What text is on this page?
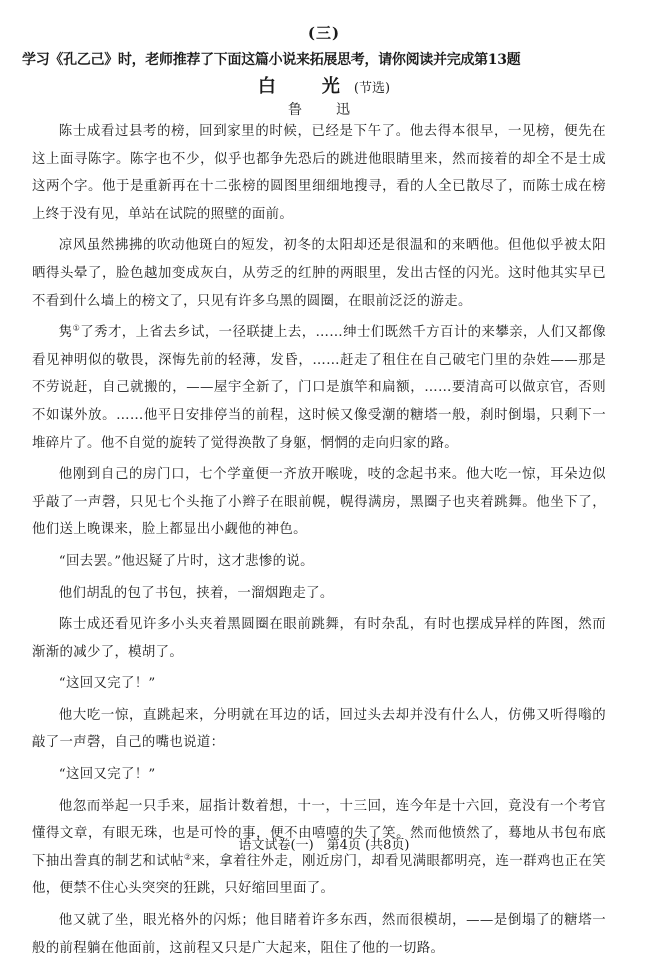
(三)
学习《孔乙己》时，老师推荐了下面这篇小说来拓展思考，请你阅读并完成第13题
白　光(节选)
鲁　迅

陈士成看过县考的榜，回到家里的时候，已经是下午了。他去得本很早，一见榜，便先在这上面寻陈字。陈字也不少，似乎也都争先恐后的跳进他眼睛里来，然而接着的却全不是士成这两个字。他于是重新再在十二张榜的圆图里细细地搜寻，看的人全已散尽了，而陈士成在榜上终于没有见，单站在试院的照壁的面前。

凉风虽然拂拂的吹动他斑白的短发，初冬的太阳却还是很温和的来晒他。但他似乎被太阳晒得头晕了，脸色越加变成灰白，从劳乏的红肿的两眼里，发出古怪的闪光。这时他其实早已不看到什么墙上的榜文了，只见有许多乌黑的圆圈，在眼前泛泛的游走。

隽①了秀才，上省去乡试，一径联捷上去，……绅士们既然千方百计的来攀亲，人们又都像看见神明似的敬畏，深悔先前的轻薄，发昏，……赶走了租住在自己破宅门里的杂姓——那是不劳说赶，自己就搬的，——屋宇全新了，门口是旗竿和扁额，……要清高可以做京官，否则不如谋外放。……他平日安排停当的前程，这时候又像受潮的糖塔一般，刹时倒塌，只剩下一堆碎片了。他不自觉的旋转了觉得涣散了身躯，惘惘的走向归家的路。

他刚到自己的房门口，七个学童便一齐放开喉咙，吱的念起书来。他大吃一惊，耳朵边似乎敲了一声磬，只见七个头拖了小辫子在眼前幌，幌得满房，黑圈子也夹着跳舞。他坐下了，他们送上晚课来，脸上都显出小觑他的神色。

“回去罢。”他迟疑了片时，这才悲惨的说。

他们胡乱的包了书包，挟着，一溜烟跑走了。

陈士成还看见许多小头夹着黑圆圈在眼前跳舞，有时杂乱，有时也摆成异样的阵图，然而渐渐的减少了，模胡了。

“这回又完了！”

他大吃一惊，直跳起来，分明就在耳边的话，回过头去却并没有什么人，仿佛又听得嗡的敲了一声磬，自己的嘴也说道：

“这回又完了！”

他忽而举起一只手来，屈指计数着想，十一，十三回，连今年是十六回，竟没有一个考官懂得文章，有眼无珠，也是可怜的事，便不由嘻嘻的失了笑。然而他愤然了，蓦地从书包布底下抽出誊真的制艺和试帖②来，拿着往外走，刚近房门，却看见满眼都明亮，连一群鸡也正在笑他，便禁不住心头突突的狂跳，只好缩回里面了。

他又就了坐，眼光格外的闪烁；他目睹着许多东西，然而很模胡，——是倒塌了的糖塔一般的前程躺在他面前，这前程又只是广大起来，阻住了他的一切路。

语文试卷(一)　第4页 (共8页)
